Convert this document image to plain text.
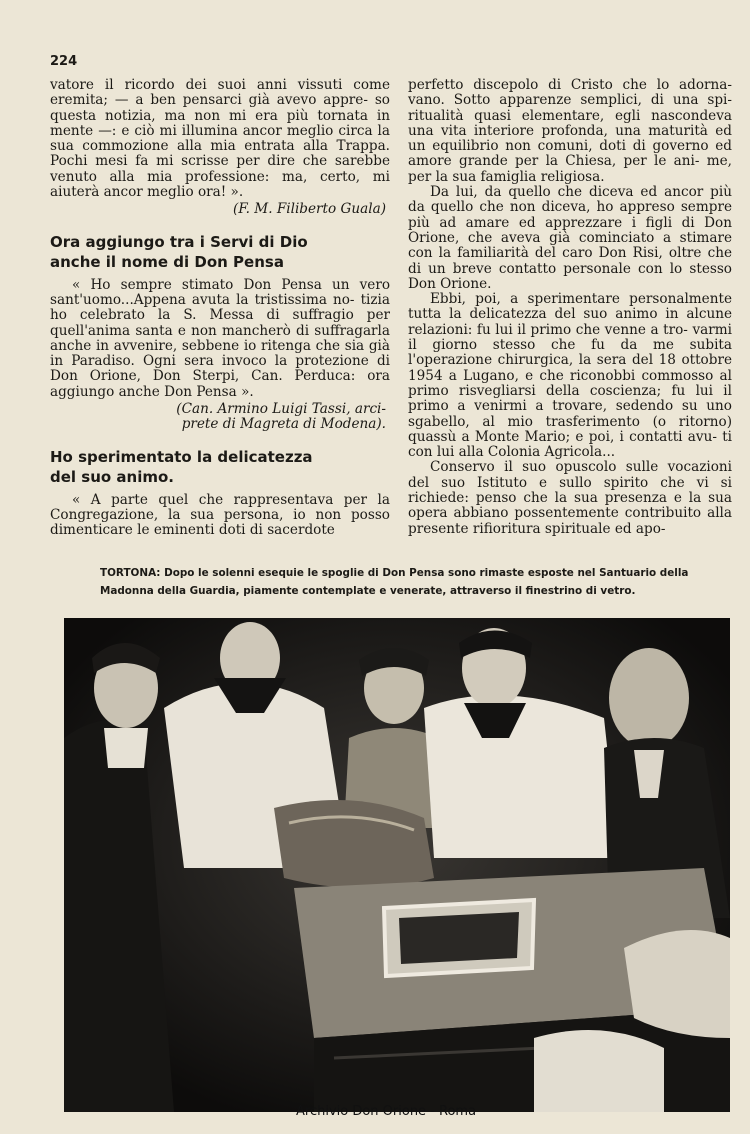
224

vatore il ricordo dei suoi anni vissuti come eremita; — a ben pensarci già avevo appre- so questa notizia, ma non mi era più tornata in mente —: e ciò mi illumina ancor meglio circa la sua commozione alla mia entrata alla Trappa. Pochi mesi fa mi scrisse per dire che sarebbe venuto alla mia professione: ma, certo, mi aiuterà ancor meglio ora! ».

(F. M. Filiberto Guala)
Ora aggiungo tra i Servi di Dio
anche il nome di Don Pensa

« Ho sempre stimato Don Pensa un vero sant'uomo...Appena avuta la tristissima no- tizia ho celebrato la S. Messa di suffragio per quell'anima santa e non mancherò di suffragarla anche in avvenire, sebbene io ritenga che sia già in Paradiso. Ogni sera invoco la protezione di Don Orione, Don Sterpi, Can. Perduca: ora aggiungo anche Don Pensa ».

(Can. Armino Luigi Tassi, arci-
prete di Magreta di Modena).
Ho sperimentato la delicatezza
del suo animo.

« A parte quel che rappresentava per la Congregazione, la sua persona, io non posso dimenticare le eminenti doti di sacerdote

perfetto discepolo di Cristo che lo adorna- vano. Sotto apparenze semplici, di una spi- ritualità quasi elementare, egli nascondeva una vita interiore profonda, una maturità ed un equilibrio non comuni, doti di governo ed amore grande per la Chiesa, per le ani- me, per la sua famiglia religiosa.

Da lui, da quello che diceva ed ancor più da quello che non diceva, ho appreso sempre più ad amare ed apprezzare i figli di Don Orione, che aveva già cominciato a stimare con la familiarità del caro Don Risi, oltre che di un breve contatto personale con lo stesso Don Orione.

Ebbi, poi, a sperimentare personalmente tutta la delicatezza del suo animo in alcune relazioni: fu lui il primo che venne a tro- varmi il giorno stesso che fu da me subita l'operazione chirurgica, la sera del 18 ottobre 1954 a Lugano, e che riconobbi commosso al primo risvegliarsi della coscienza; fu lui il primo a venirmi a trovare, sedendo su uno sgabello, al mio trasferimento (o ritorno) quassù a Monte Mario; e poi, i contatti avu- ti con lui alla Colonia Agricola...

Conservo il suo opuscolo sulle vocazioni del suo Istituto e sullo spirito che vi si richiede: penso che la sua presenza e la sua opera abbiano possentemente contribuito alla presente rifioritura spirituale ed apo-

TORTONA: Dopo le solenni esequie le spoglie di Don Pensa sono rimaste esposte nel Santuario della Madonna della Guardia, piamente contemplate e venerate, attraverso il finestrino di vetro.
Archivio Don Orione - Roma
